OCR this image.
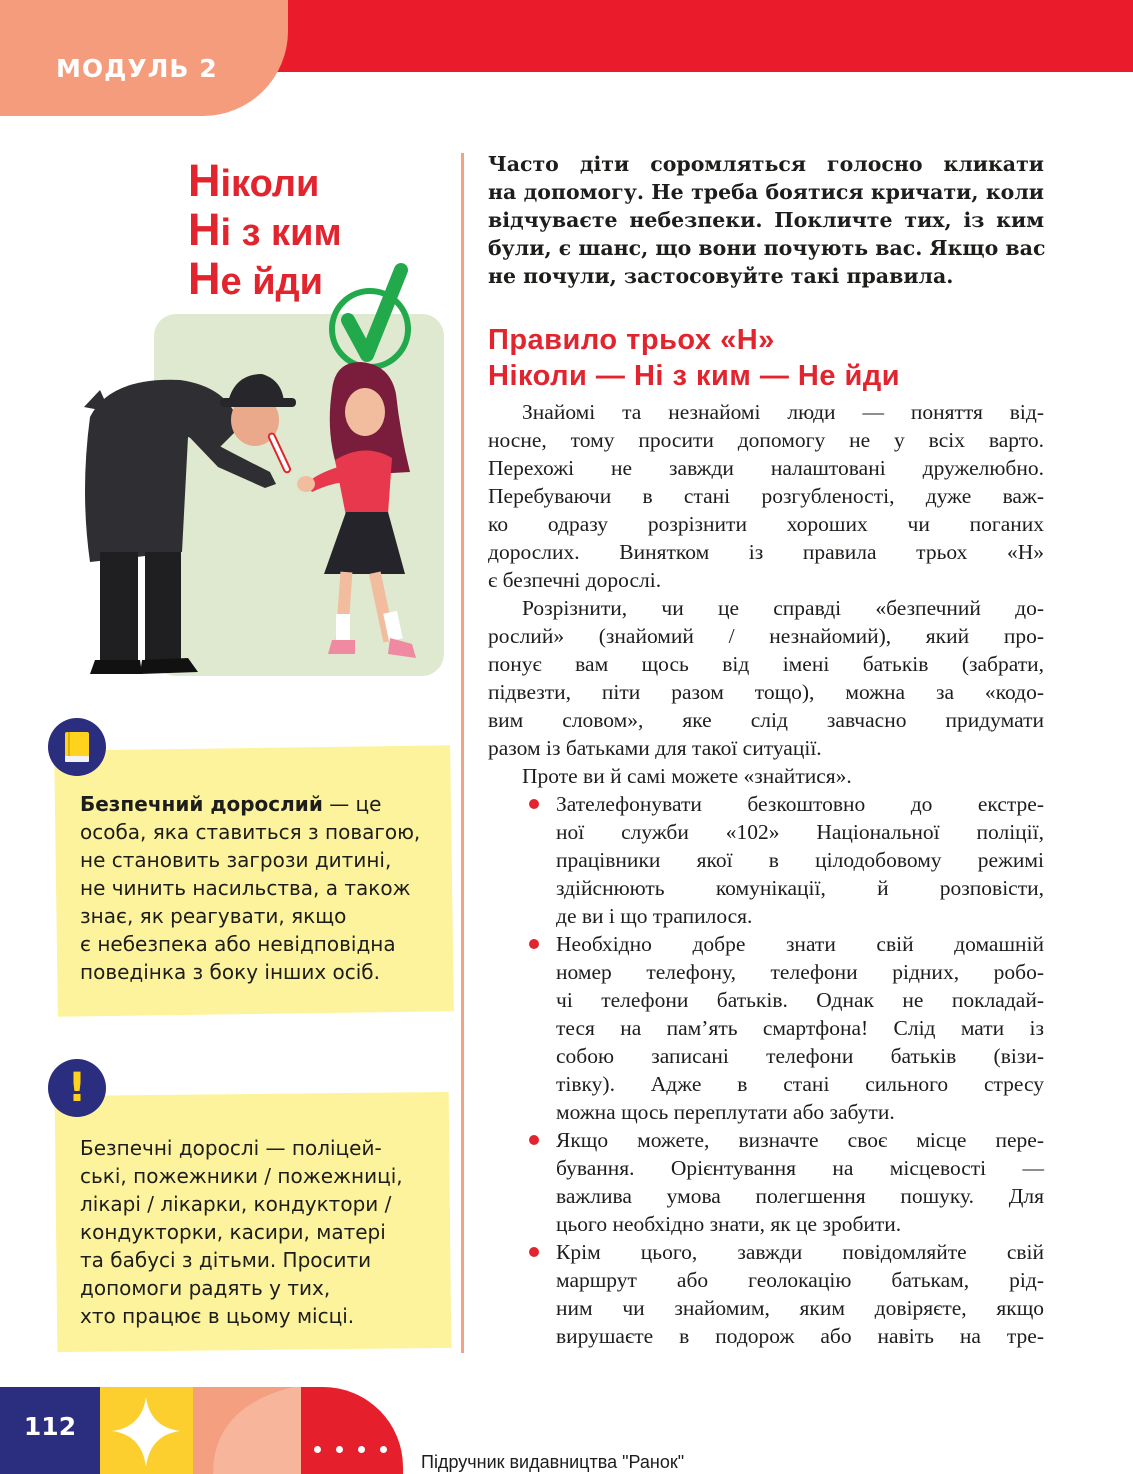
МОДУЛЬ 2
Ніколи
Ні з ким
Не йди

Безпечний дорослий — це
особа, яка ставиться з повагою,
не становить загрози дитині,
не чинить насильства, а також
знає, як реагувати, якщо
є небезпека або невідповідна
поведінка з боку інших осіб.

!

Безпечні дорослі — поліцей-
ські, пожежники / пожежниці,
лікарі / лікарки, кондуктори /
кондукторки, касири, матері
та бабусі з дітьми. Просити
допомоги радять у тих,
хто працює в цьому місці.

Часто діти соромляться голосно кликати
на допомогу. Не треба боятися кричати, коли
відчуваєте небезпеки. Покличте тих, із ким
були, є шанс, що вони почують вас. Якщо вас
не почули, застосовуйте такі правила.
Правило трьох «Н»
Ніколи — Ні з ким — Не йди
Знайомі та незнайомі люди — поняття від-
носне, тому просити допомогу не у всіх варто.
Перехожі не завжди налаштовані дружелюбно.
Перебуваючи в стані розгубленості, дуже важ-
ко одразу розрізнити хороших чи поганих
дорослих. Винятком із правила трьох «Н»
є безпечні дорослі.
Розрізнити, чи це справді «безпечний до-
рослий» (знайомий / незнайомий), який про-
понує вам щось від імені батьків (забрати,
підвезти, піти разом тощо), можна за «кодо-
вим словом», яке слід завчасно придумати
разом із батьками для такої ситуації.
Проте ви й самі можете «знайтися».
Зателефонувати безкоштовно до екстре-
ної служби «102» Національної поліції,
працівники якої в цілодобовому режимі
здійснюють комунікації, й розповісти,
де ви і що трапилося.
Необхідно добре знати свій домашній
номер телефону, телефони рідних, робо-
чі телефони батьків. Однак не покладай-
теся на пам’ять смартфона! Слід мати із
собою записані телефони батьків (візи-
тівку). Адже в стані сильного стресу
можна щось переплутати або забути.
Якщо можете, визначте своє місце пере-
бування. Орієнтування на місцевості —
важлива умова полегшення пошуку. Для
цього необхідно знати, як це зробити.
Крім цього, завжди повідомляйте свій
маршрут або геолокацію батькам, рід-
ним чи знайомим, яким довіряєте, якщо
вирушаєте в подорож або навіть на тре-
112
Підручник видавництва "Ранок"
